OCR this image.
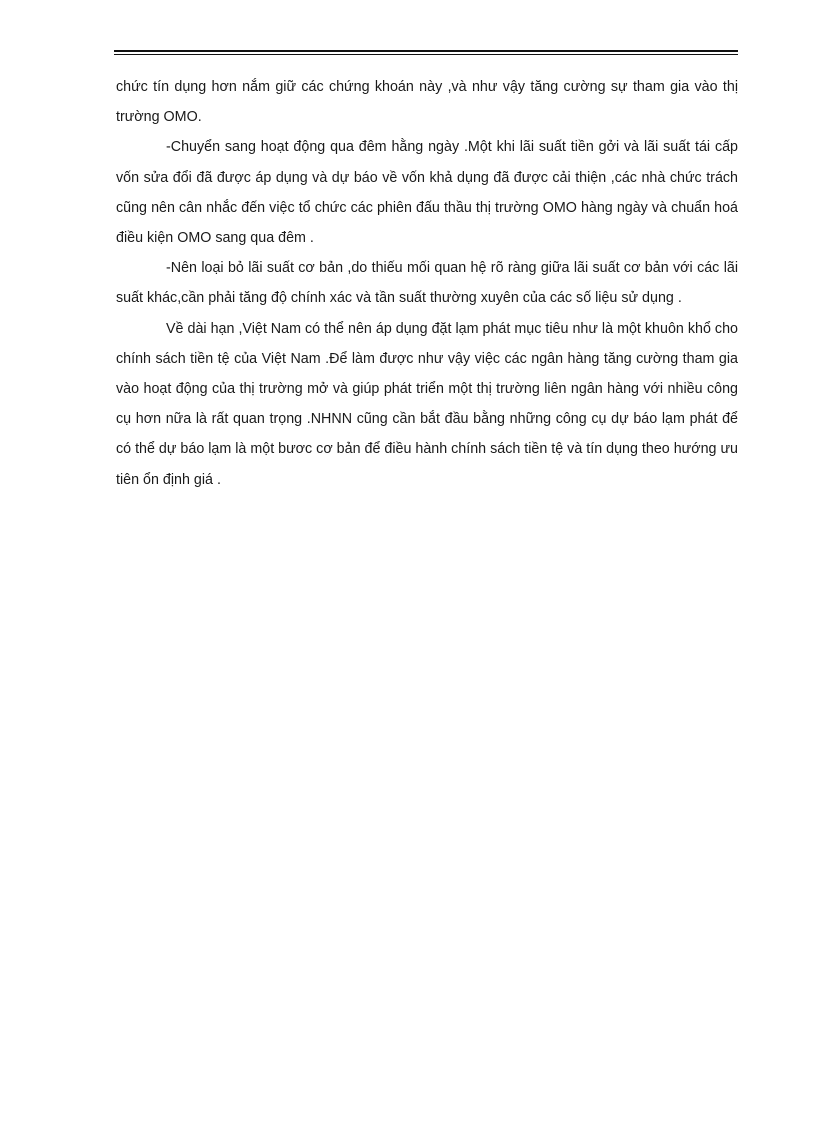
chức tín dụng hơn nắm giữ các chứng khoán này ,và như vậy tăng cường sự tham gia vào thị trường OMO.

-Chuyển sang hoạt động qua đêm hằng ngày .Một khi lãi suất tiền gởi và lãi suất tái cấp vốn sửa đổi đã được áp dụng và dự báo về vốn khả dụng đã được cải thiện ,các nhà chức trách cũng nên cân nhắc đến việc tổ chức các phiên đấu thầu thị trường OMO hàng ngày và chuẩn hoá điều kiện OMO sang qua đêm .

-Nên loại bỏ lãi suất cơ bản ,do thiếu mối quan hệ rõ ràng giữa lãi suất cơ bản với các lãi suất khác,cần phải tăng độ chính xác và tần suất thường xuyên của các số liệu sử dụng .

Về dài hạn ,Việt Nam có thể nên áp dụng đặt lạm phát mục tiêu như là một khuôn khổ cho chính sách tiền tệ của Việt Nam .Để làm được như vậy việc các ngân hàng tăng cường tham gia vào hoạt động của thị trường mở và giúp phát triển một thị trường liên ngân hàng với nhiều công cụ hơn nữa là rất quan trọng .NHNN cũng cần bắt đầu bằng những công cụ dự báo lạm phát để có thể dự báo lạm là một bươc cơ bản để điều hành chính sách tiền tệ và tín dụng theo hướng ưu tiên ổn định giá .
